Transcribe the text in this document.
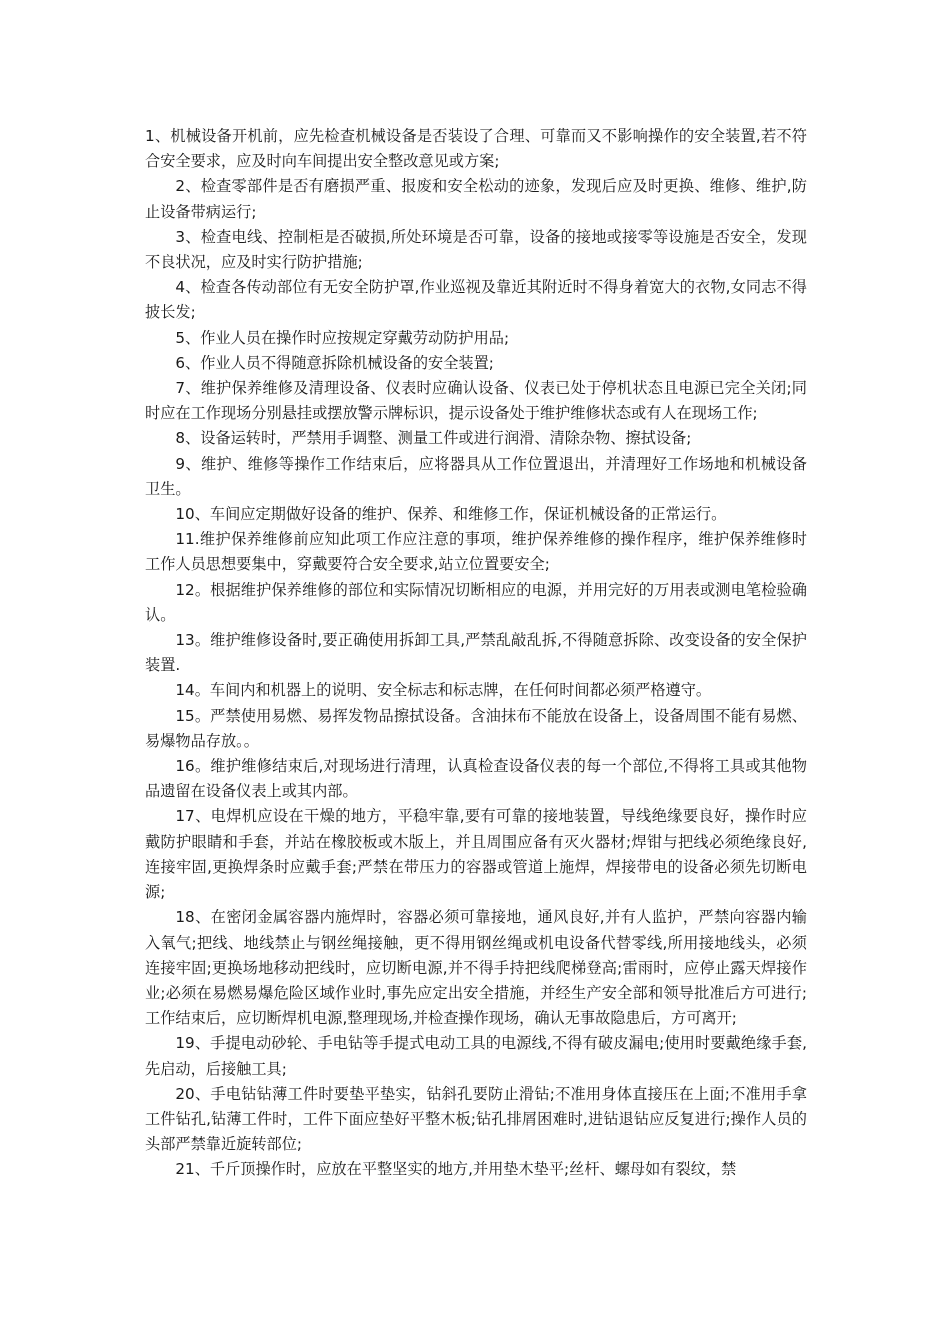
1、机械设备开机前，应先检查机械设备是否装设了合理、可靠而又不影响操作的安全装置,若不符合安全要求，应及时向车间提出安全整改意见或方案;

2、检查零部件是否有磨损严重、报废和安全松动的迹象，发现后应及时更换、维修、维护,防止设备带病运行;

3、检查电线、控制柜是否破损,所处环境是否可靠，设备的接地或接零等设施是否安全，发现不良状况，应及时实行防护措施;

4、检查各传动部位有无安全防护罩,作业巡视及靠近其附近时不得身着宽大的衣物,女同志不得披长发;

5、作业人员在操作时应按规定穿戴劳动防护用品;

6、作业人员不得随意拆除机械设备的安全装置;

7、维护保养维修及清理设备、仪表时应确认设备、仪表已处于停机状态且电源已完全关闭;同时应在工作现场分别悬挂或摆放警示牌标识，提示设备处于维护维修状态或有人在现场工作;

8、设备运转时，严禁用手调整、测量工件或进行润滑、清除杂物、擦拭设备;

9、维护、维修等操作工作结束后，应将器具从工作位置退出，并清理好工作场地和机械设备卫生。

10、车间应定期做好设备的维护、保养、和维修工作，保证机械设备的正常运行。

11.维护保养维修前应知此项工作应注意的事项，维护保养维修的操作程序，维护保养维修时工作人员思想要集中，穿戴要符合安全要求,站立位置要安全;

12。根据维护保养维修的部位和实际情况切断相应的电源，并用完好的万用表或测电笔检验确认。

13。维护维修设备时,要正确使用拆卸工具,严禁乱敲乱拆,不得随意拆除、改变设备的安全保护装置.

14。车间内和机器上的说明、安全标志和标志牌，在任何时间都必须严格遵守。

15。严禁使用易燃、易挥发物品擦拭设备。含油抹布不能放在设备上，设备周围不能有易燃、易爆物品存放。。

16。维护维修结束后,对现场进行清理，认真检查设备仪表的每一个部位,不得将工具或其他物品遗留在设备仪表上或其内部。

17、电焊机应设在干燥的地方，平稳牢靠,要有可靠的接地装置，导线绝缘要良好，操作时应戴防护眼睛和手套，并站在橡胶板或木版上，并且周围应备有灭火器材;焊钳与把线必须绝缘良好,连接牢固,更换焊条时应戴手套;严禁在带压力的容器或管道上施焊，焊接带电的设备必须先切断电源;

18、在密闭金属容器内施焊时，容器必须可靠接地，通风良好,并有人监护，严禁向容器内输入氧气;把线、地线禁止与钢丝绳接触，更不得用钢丝绳或机电设备代替零线,所用接地线头，必须连接牢固;更换场地移动把线时，应切断电源,并不得手持把线爬梯登高;雷雨时，应停止露天焊接作业;必须在易燃易爆危险区域作业时,事先应定出安全措施，并经生产安全部和领导批准后方可进行;工作结束后，应切断焊机电源,整理现场,并检查操作现场，确认无事故隐患后，方可离开;

19、手提电动砂轮、手电钻等手提式电动工具的电源线,不得有破皮漏电;使用时要戴绝缘手套,先启动，后接触工具;

20、手电钻钻薄工件时要垫平垫实，钻斜孔要防止滑钻;不准用身体直接压在上面;不准用手拿工件钻孔,钻薄工件时，工件下面应垫好平整木板;钻孔排屑困难时,进钻退钻应反复进行;操作人员的头部严禁靠近旋转部位;

21、千斤顶操作时，应放在平整坚实的地方,并用垫木垫平;丝杆、螺母如有裂纹，禁
